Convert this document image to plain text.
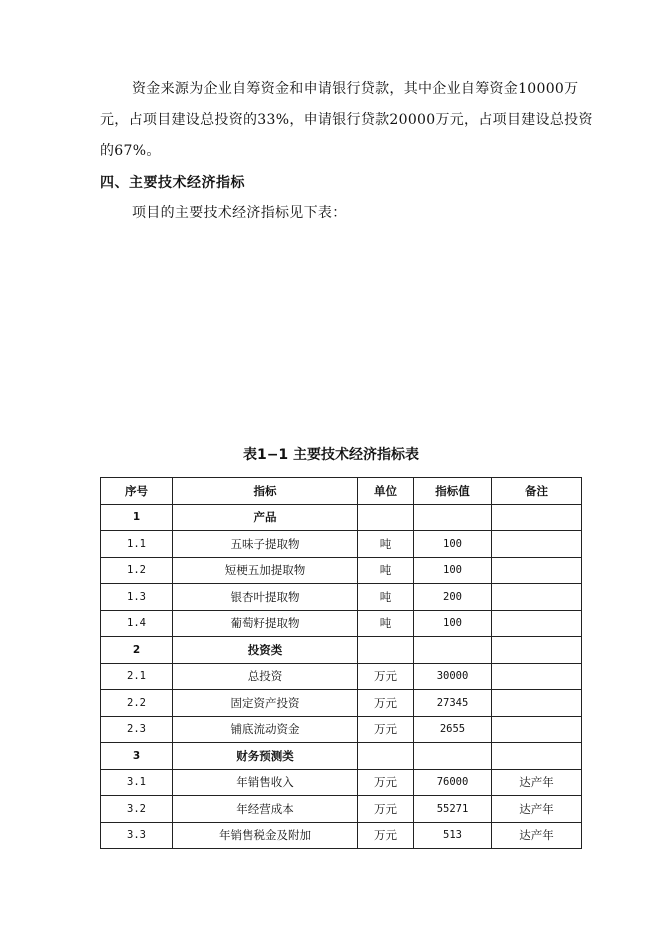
资金来源为企业自筹资金和申请银行贷款，其中企业自筹资金10000万元，占项目建设总投资的33%，申请银行贷款20000万元，占项目建设总投资的67%。
四、主要技术经济指标
项目的主要技术经济指标见下表：
表1−1 主要技术经济指标表
序号	指标	单位	指标值	备注
1	产品			
1.1	五味子提取物	吨	100	
1.2	短梗五加提取物	吨	100	
1.3	银杏叶提取物	吨	200	
1.4	葡萄籽提取物	吨	100	
2	投资类			
2.1	总投资	万元	30000	
2.2	固定资产投资	万元	27345	
2.3	铺底流动资金	万元	2655	
3	财务预测类			
3.1	年销售收入	万元	76000	达产年
3.2	年经营成本	万元	55271	达产年
3.3	年销售税金及附加	万元	513	达产年
